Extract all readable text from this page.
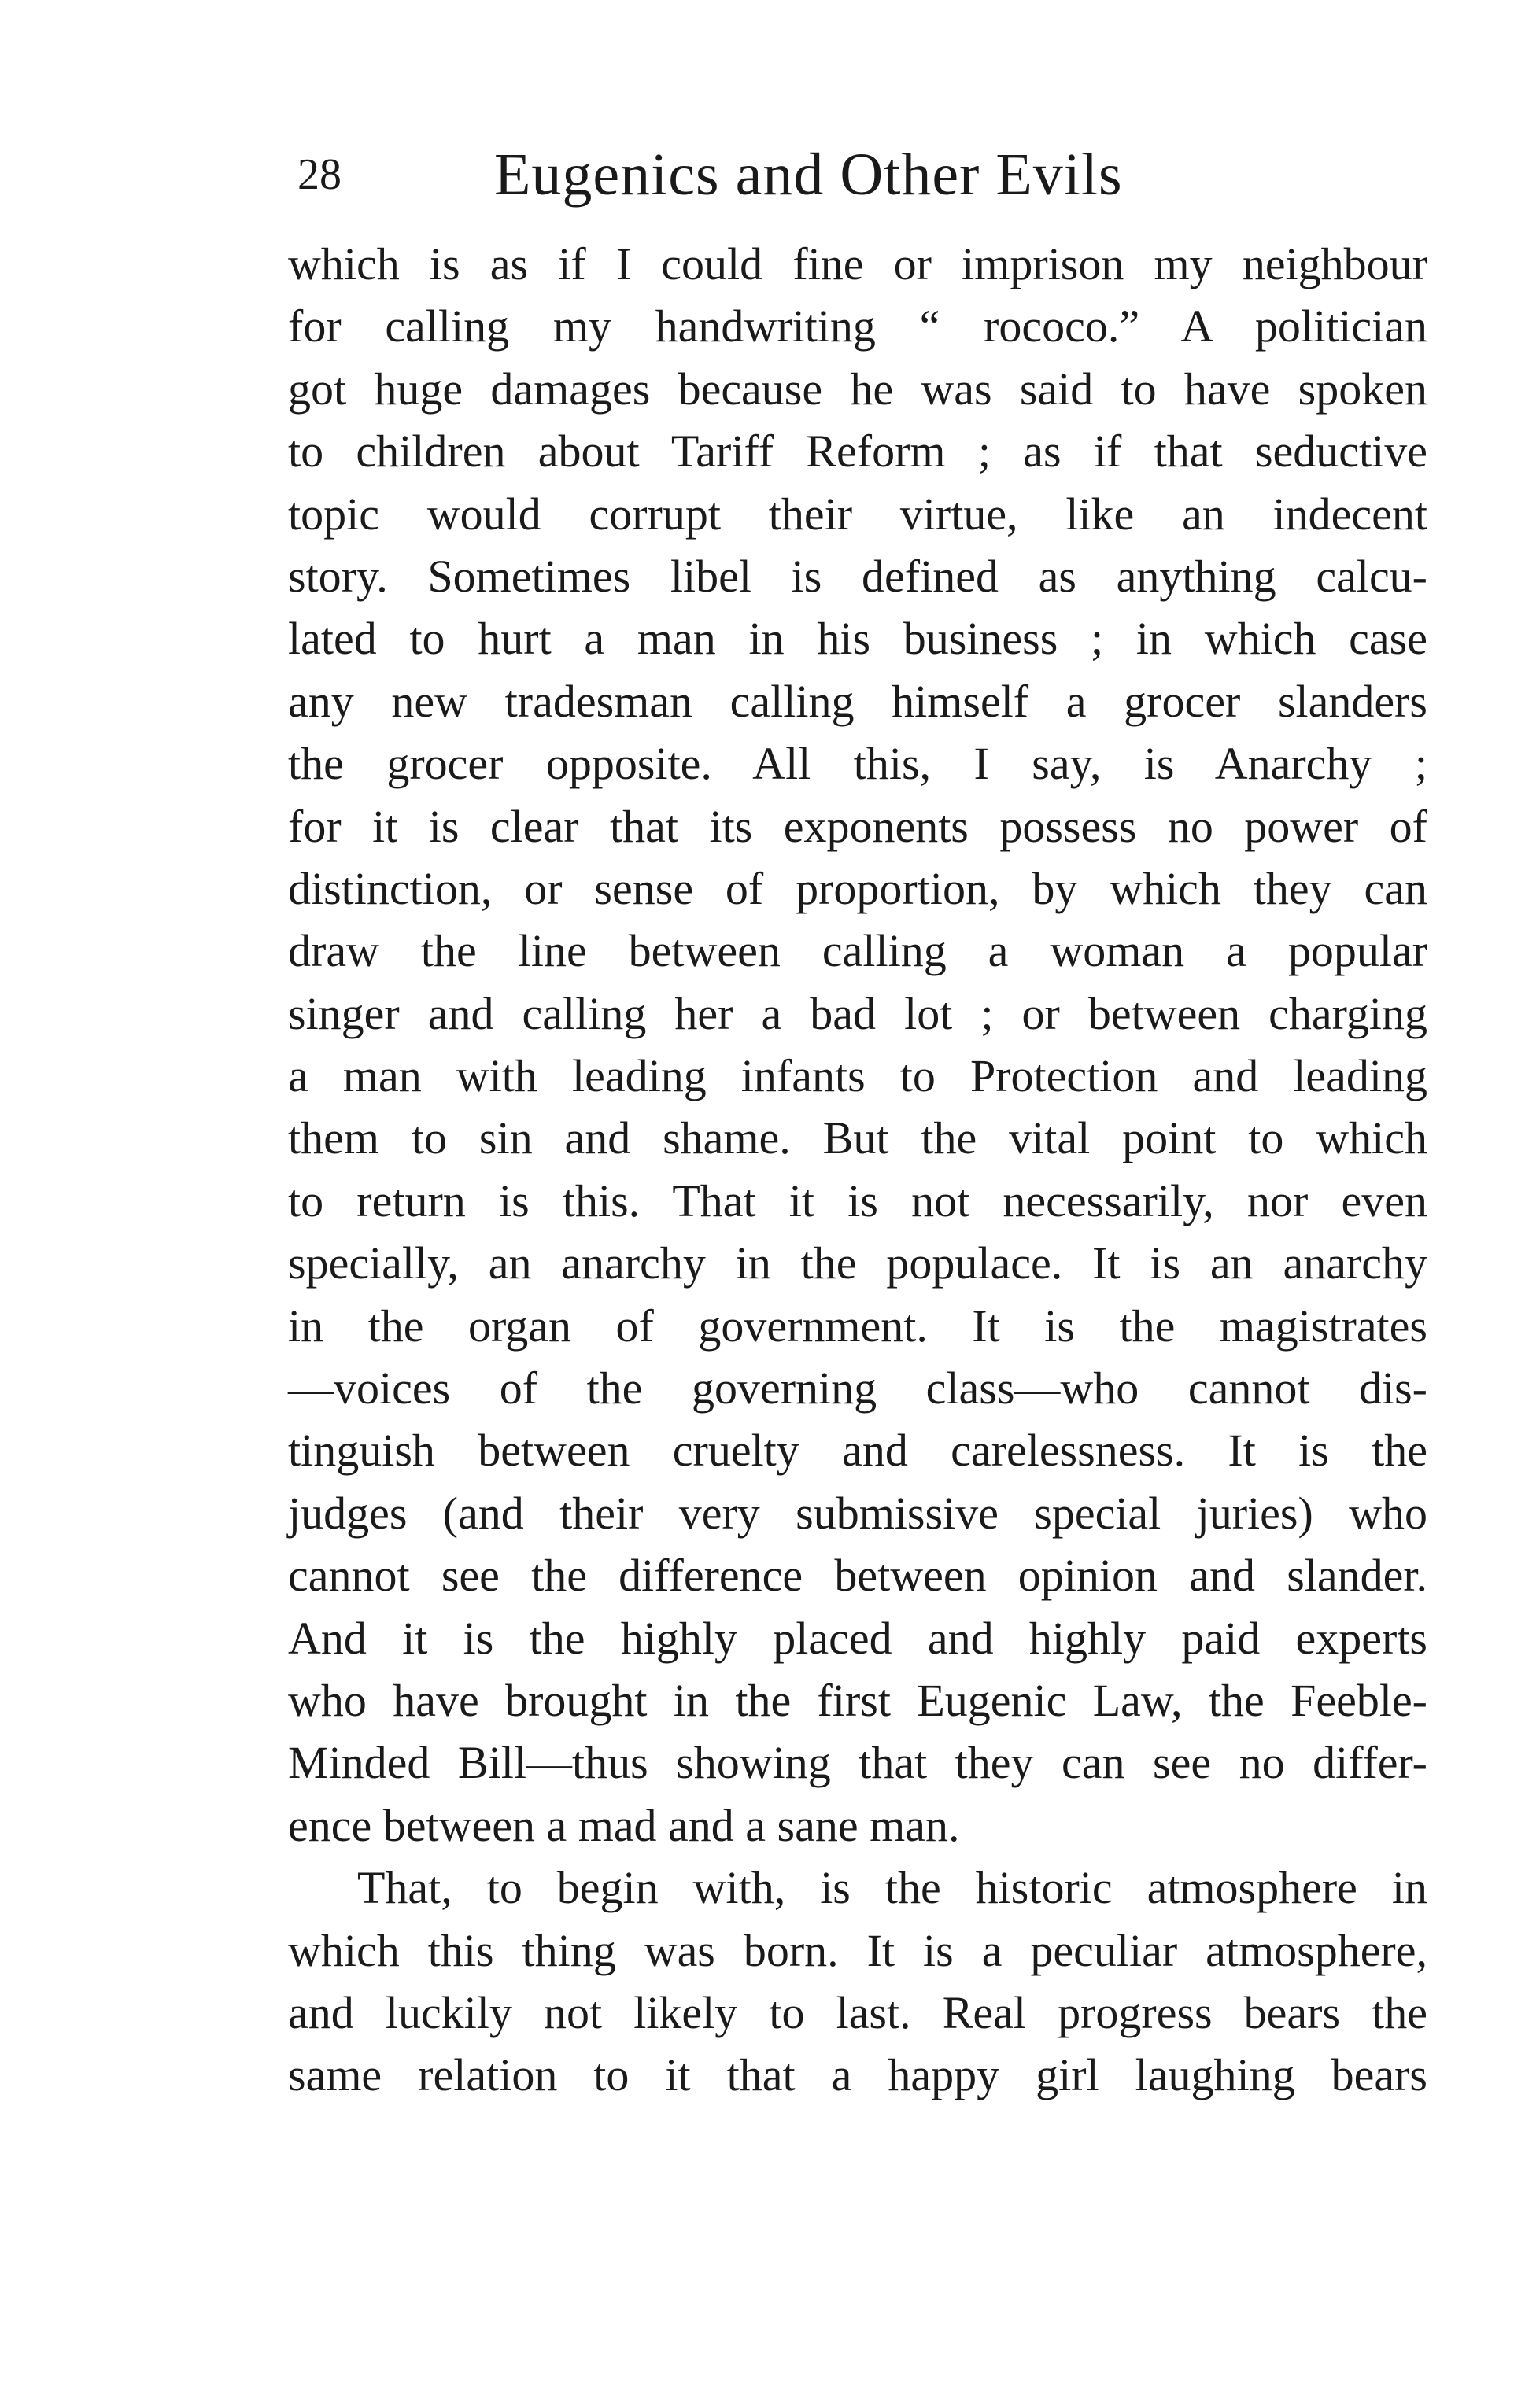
28	Eugenics and Other Evils
which is as if I could fine or imprison my neighbour
for calling my handwriting “ rococo.” A politician
got huge damages because he was said to have spoken
to children about Tariff Reform ; as if that seductive
topic would corrupt their virtue, like an indecent
story. Sometimes libel is defined as anything calcu-
lated to hurt a man in his business ; in which case
any new tradesman calling himself a grocer slanders
the grocer opposite. All this, I say, is Anarchy ;
for it is clear that its exponents possess no power of
distinction, or sense of proportion, by which they can
draw the line between calling a woman a popular
singer and calling her a bad lot ; or between charging
a man with leading infants to Protection and leading
them to sin and shame. But the vital point to which
to return is this. That it is not necessarily, nor even
specially, an anarchy in the populace. It is an anarchy
in the organ of government. It is the magistrates
—voices of the governing class—who cannot dis-
tinguish between cruelty and carelessness. It is the
judges (and their very submissive special juries) who
cannot see the difference between opinion and slander.
And it is the highly placed and highly paid experts
who have brought in the first Eugenic Law, the Feeble-
Minded Bill—thus showing that they can see no differ-
ence between a mad and a sane man.
That, to begin with, is the historic atmosphere in
which this thing was born. It is a peculiar atmosphere,
and luckily not likely to last. Real progress bears the
same relation to it that a happy girl laughing bears
